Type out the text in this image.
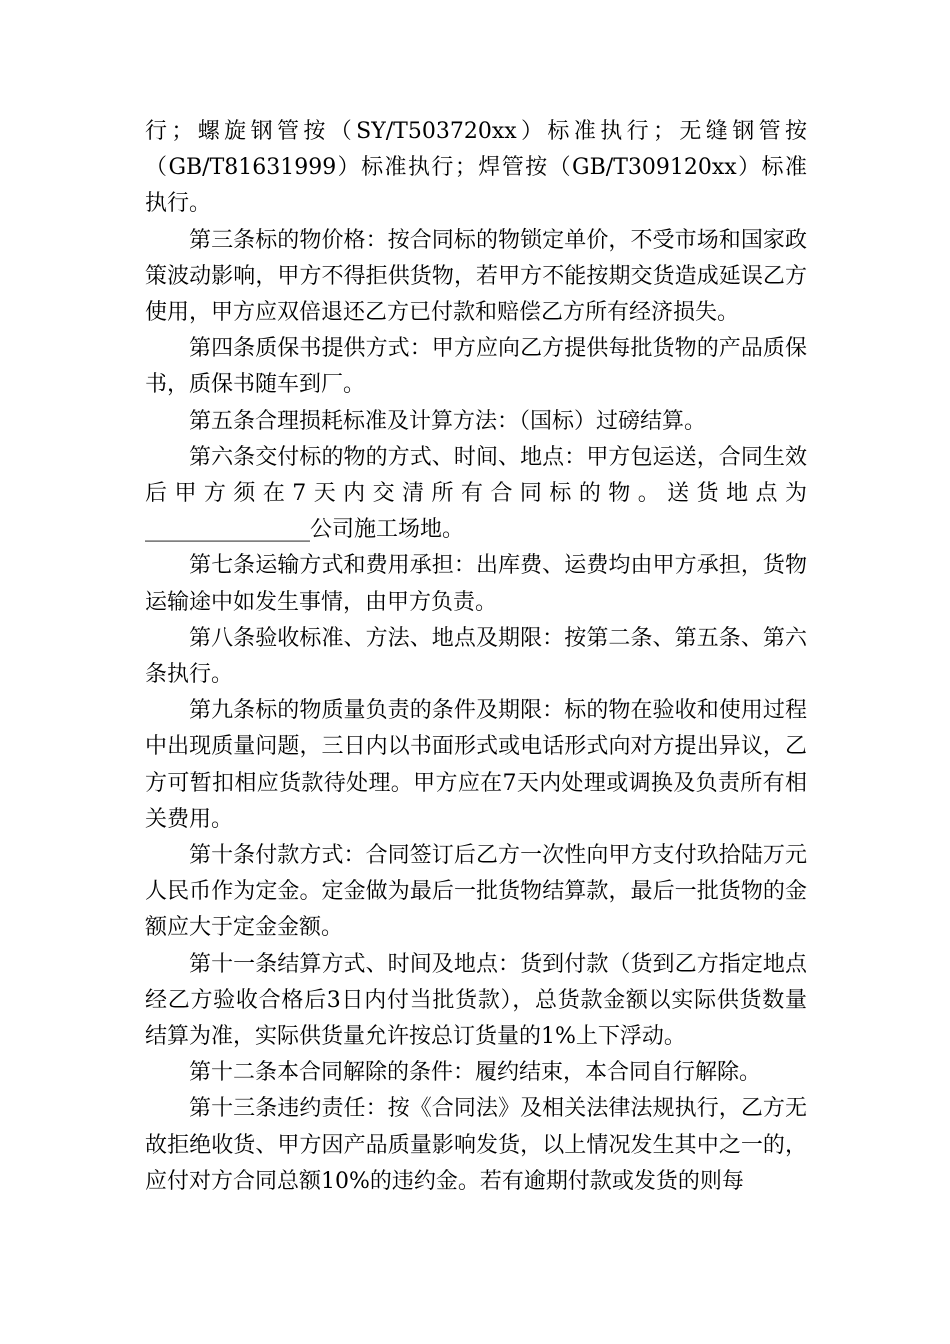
行；螺旋钢管按（SY/T503720xx）标准执行；无缝钢管按（GB/T81631999）标准执行；焊管按（GB/T309120xx）标准执行。

第三条标的物价格：按合同标的物锁定单价，不受市场和国家政策波动影响，甲方不得拒供货物，若甲方不能按期交货造成延误乙方使用，甲方应双倍退还乙方已付款和赔偿乙方所有经济损失。

第四条质保书提供方式：甲方应向乙方提供每批货物的产品质保书，质保书随车到厂。

第五条合理损耗标准及计算方法：（国标）过磅结算。

第六条交付标的物的方式、时间、地点：甲方包运送，合同生效后甲方须在7天内交清所有合同标的物。送货地点为_______________公司施工场地。

第七条运输方式和费用承担：出库费、运费均由甲方承担，货物运输途中如发生事情，由甲方负责。

第八条验收标准、方法、地点及期限：按第二条、第五条、第六条执行。

第九条标的物质量负责的条件及期限：标的物在验收和使用过程中出现质量问题，三日内以书面形式或电话形式向对方提出异议，乙方可暂扣相应货款待处理。甲方应在7天内处理或调换及负责所有相关费用。

第十条付款方式：合同签订后乙方一次性向甲方支付玖拾陆万元人民币作为定金。定金做为最后一批货物结算款，最后一批货物的金额应大于定金金额。

第十一条结算方式、时间及地点：货到付款（货到乙方指定地点经乙方验收合格后3日内付当批货款），总货款金额以实际供货数量结算为准，实际供货量允许按总订货量的1%上下浮动。

第十二条本合同解除的条件：履约结束，本合同自行解除。

第十三条违约责任：按《合同法》及相关法律法规执行，乙方无故拒绝收货、甲方因产品质量影响发货，以上情况发生其中之一的，应付对方合同总额10%的违约金。若有逾期付款或发货的则每
